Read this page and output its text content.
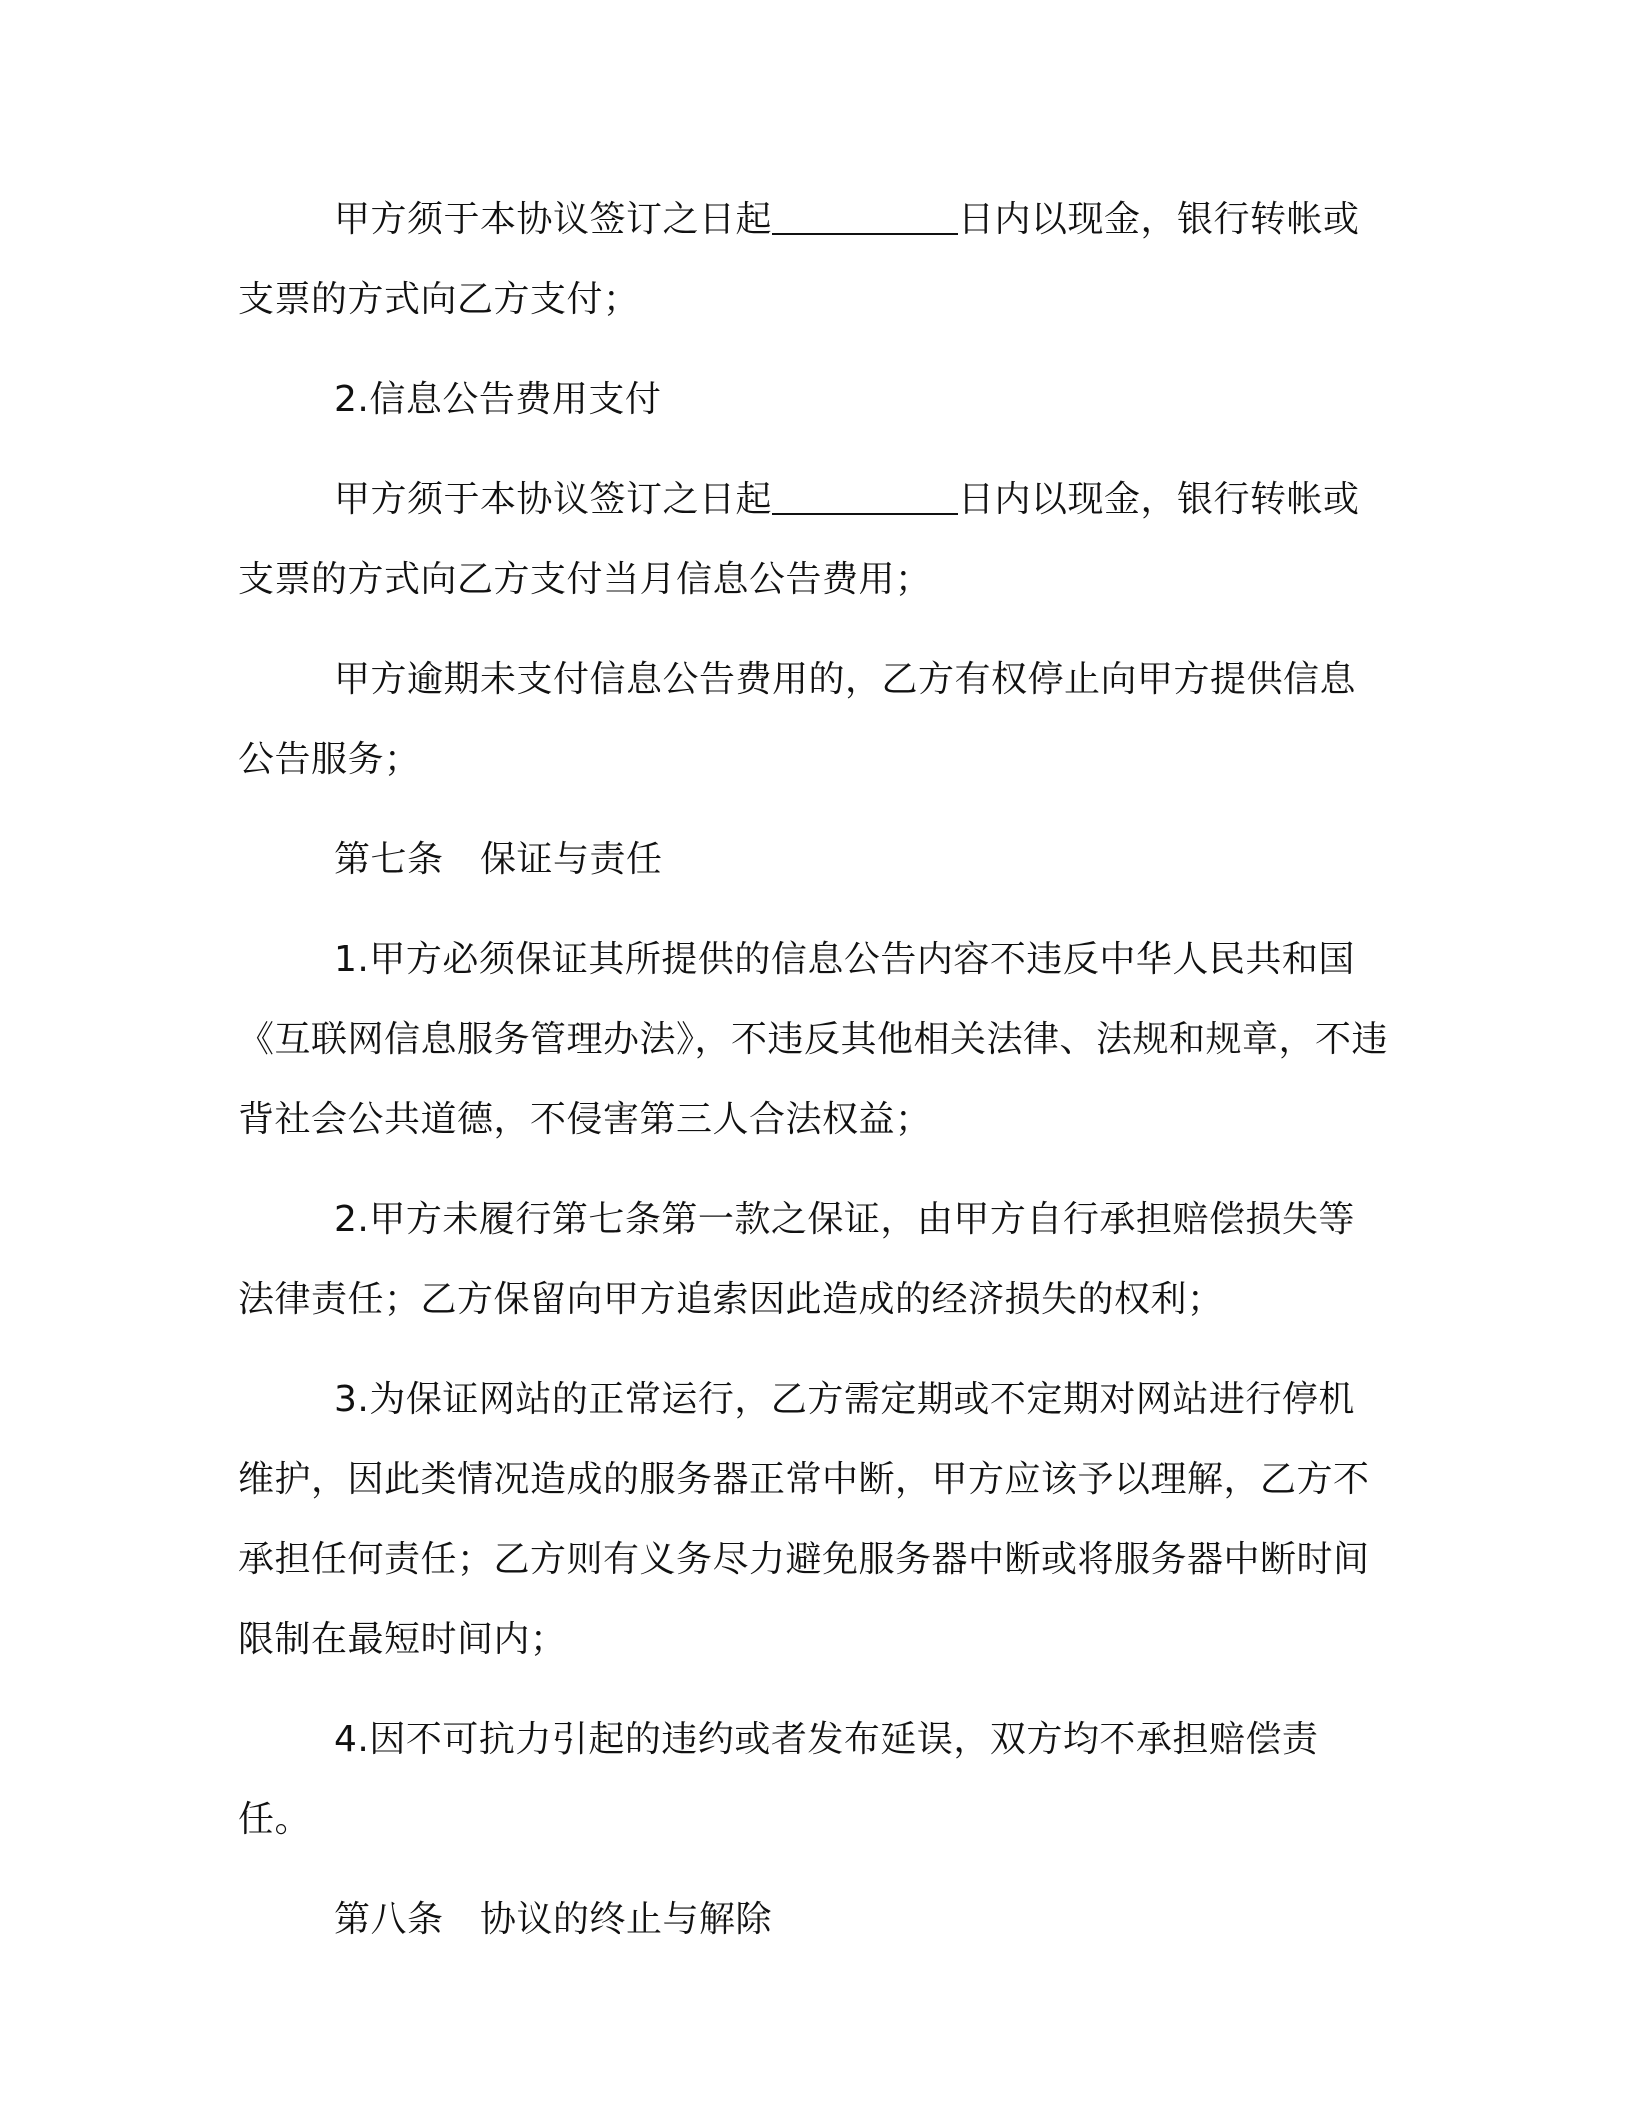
甲方须于本协议签订之日起	日内以现金，银行转帐或支票的方式向乙方支付；

2.信息公告费用支付

甲方须于本协议签订之日起	日内以现金，银行转帐或支票的方式向乙方支付当月信息公告费用；

甲方逾期未支付信息公告费用的，乙方有权停止向甲方提供信息公告服务；

第七条　保证与责任

1.甲方必须保证其所提供的信息公告内容不违反中华人民共和国《互联网信息服务管理办法》，不违反其他相关法律、法规和规章，不违背社会公共道德，不侵害第三人合法权益；

2.甲方未履行第七条第一款之保证，由甲方自行承担赔偿损失等法律责任；乙方保留向甲方追索因此造成的经济损失的权利；

3.为保证网站的正常运行，乙方需定期或不定期对网站进行停机维护，因此类情况造成的服务器正常中断，甲方应该予以理解，乙方不承担任何责任；乙方则有义务尽力避免服务器中断或将服务器中断时间限制在最短时间内；

4.因不可抗力引起的违约或者发布延误，双方均不承担赔偿责任。

第八条　协议的终止与解除
